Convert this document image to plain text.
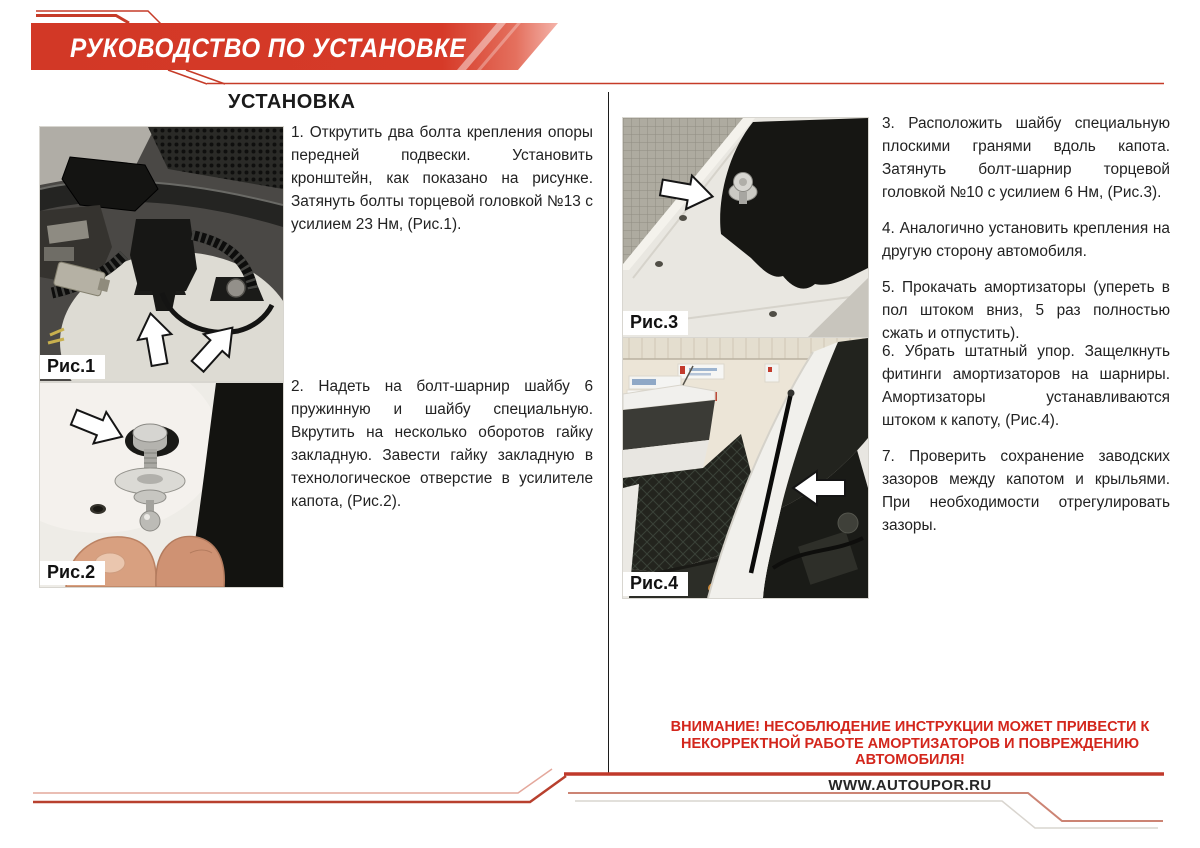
РУКОВОДСТВО ПО УСТАНОВКЕ
УСТАНОВКА
Рис.1
Рис.2
1. Открутить два болта крепления опоры передней подвески. Установить кронштейн, как показано на рисунке. Затянуть болты торцевой головкой №13 с усилием 23 Нм, (Рис.1).
2. Надеть на болт-шарнир шайбу 6 пружинную и шайбу специальную. Вкрутить на несколько оборотов гайку закладную. Завести гайку закладную в технологическое отверстие в усилителе капота, (Рис.2).
Рис.3
Рис.4
3. Расположить шайбу специальную плоскими гранями вдоль капота. Затянуть болт-шарнир торцевой головкой №10 с усилием 6 Нм, (Рис.3).
4. Аналогично установить крепления на другую сторону автомобиля.
5. Прокачать амортизаторы (упереть в пол штоком вниз, 5 раз полностью сжать и отпустить).
6. Убрать штатный упор. Защелкнуть фитинги амортизаторов на шарниры. Амортизаторы устанавливаются штоком к капоту, (Рис.4).
7. Проверить сохранение заводских зазоров между капотом и крыльями. При необходимости отрегулировать зазоры.
ВНИМАНИЕ! НЕСОБЛЮДЕНИЕ ИНСТРУКЦИИ МОЖЕТ ПРИВЕСТИ К
НЕКОРРЕКТНОЙ РАБОТЕ АМОРТИЗАТОРОВ И ПОВРЕЖДЕНИЮ
АВТОМОБИЛЯ!
WWW.AUTOUPOR.RU
